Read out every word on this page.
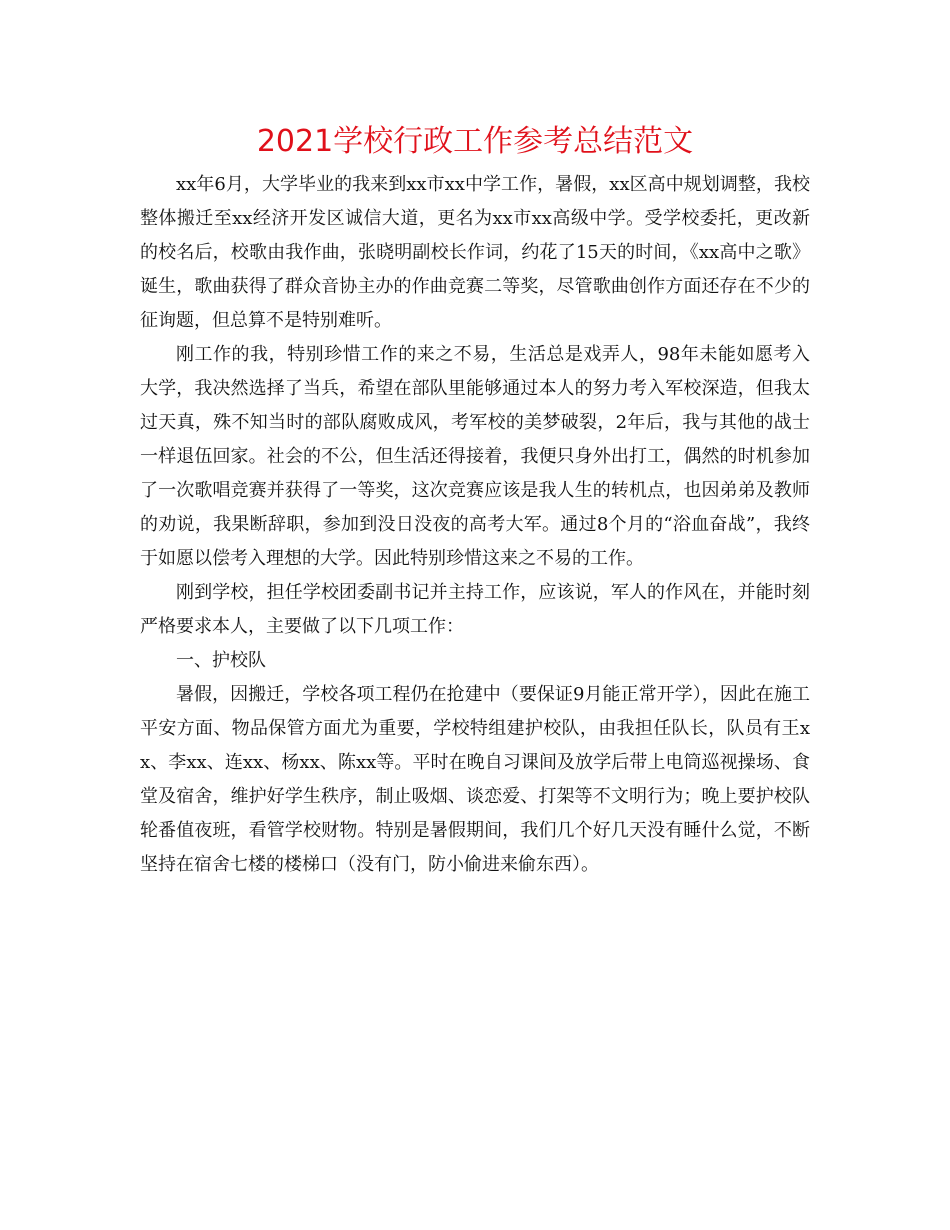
2021学校行政工作参考总结范文

xx年6月，大学毕业的我来到xx市xx中学工作，暑假，xx区高中规划调整，我校整体搬迁至xx经济开发区诚信大道，更名为xx市xx高级中学。受学校委托，更改新的校名后，校歌由我作曲，张晓明副校长作词，约花了15天的时间，《xx高中之歌》诞生，歌曲获得了群众音协主办的作曲竞赛二等奖，尽管歌曲创作方面还存在不少的征询题，但总算不是特别难听。

刚工作的我，特别珍惜工作的来之不易，生活总是戏弄人，98年未能如愿考入大学，我决然选择了当兵，希望在部队里能够通过本人的努力考入军校深造，但我太过天真，殊不知当时的部队腐败成风，考军校的美梦破裂，2年后，我与其他的战士一样退伍回家。社会的不公，但生活还得接着，我便只身外出打工，偶然的时机参加了一次歌唱竞赛并获得了一等奖，这次竞赛应该是我人生的转机点，也因弟弟及教师的劝说，我果断辞职，参加到没日没夜的高考大军。通过8个月的“浴血奋战”，我终于如愿以偿考入理想的大学。因此特别珍惜这来之不易的工作。

刚到学校，担任学校团委副书记并主持工作，应该说，军人的作风在，并能时刻严格要求本人，主要做了以下几项工作：

一、护校队

暑假，因搬迁，学校各项工程仍在抢建中（要保证9月能正常开学），因此在施工平安方面、物品保管方面尤为重要，学校特组建护校队，由我担任队长，队员有王xx、李xx、连xx、杨xx、陈xx等。平时在晚自习课间及放学后带上电筒巡视操场、食堂及宿舍，维护好学生秩序，制止吸烟、谈恋爱、打架等不文明行为；晚上要护校队轮番值夜班，看管学校财物。特别是暑假期间，我们几个好几天没有睡什么觉，不断坚持在宿舍七楼的楼梯口（没有门，防小偷进来偷东西）。
